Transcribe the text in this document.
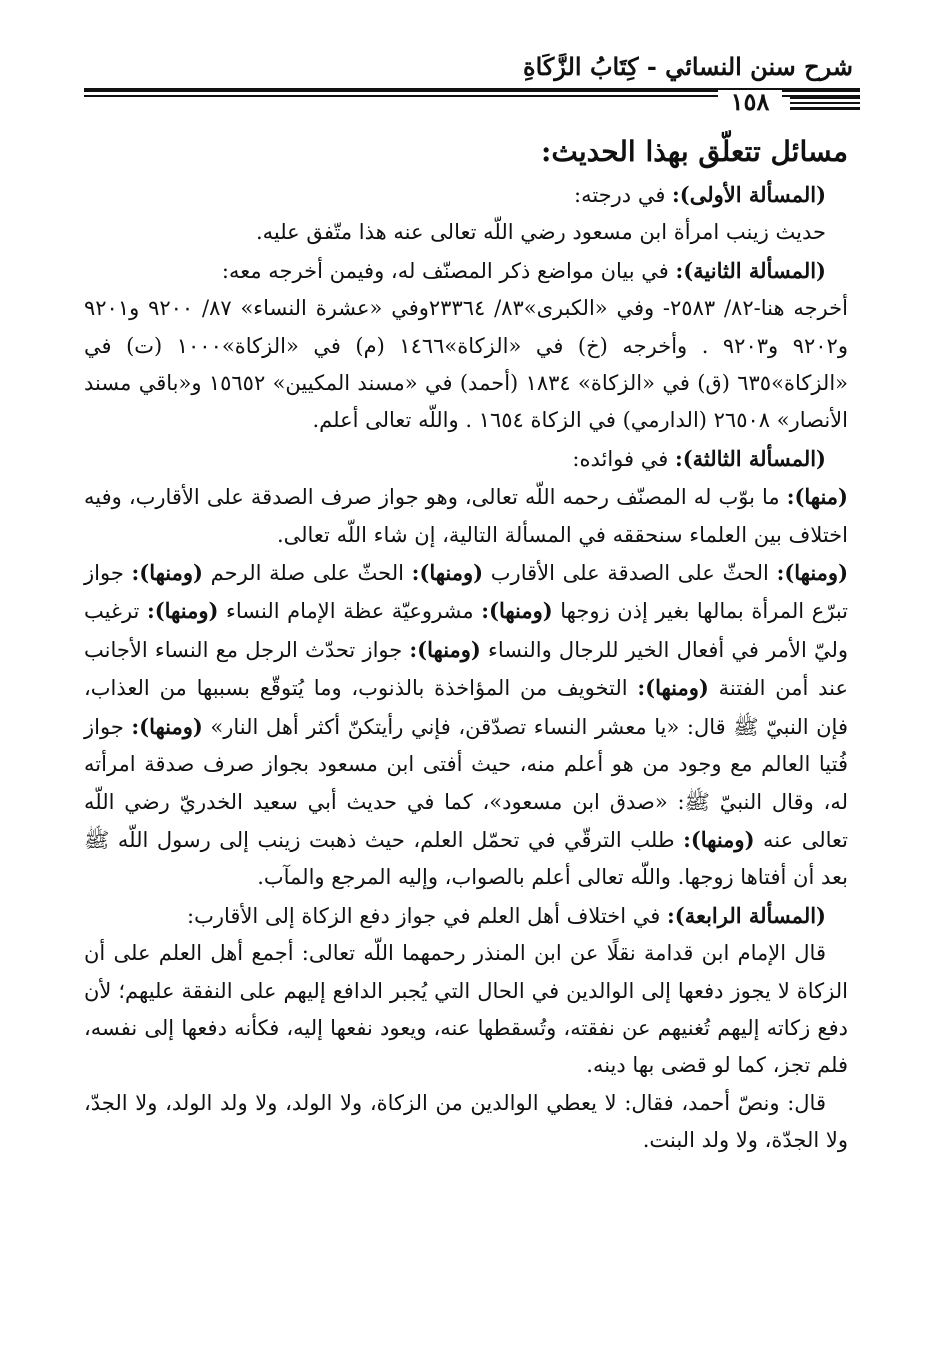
شرح سنن النسائي - كِتَابُ الزَّكَاةِ
١٥٨

مسائل تتعلّق بهذا الحديث:

(المسألة الأولى): في درجته:

حديث زينب امرأة ابن مسعود رضي اللّه تعالى عنه هذا متّفق عليه.

(المسألة الثانية): في بيان مواضع ذكر المصنّف له، وفيمن أخرجه معه:

أخرجه هنا-٨٢/ ٢٥٨٣- وفي «الكبرى»٨٣/ ٢٣٣٦٤وفي «عشرة النساء» ٨٧/ ٩٢٠٠ و٩٢٠١ و٩٢٠٢ و٩٢٠٣ . وأخرجه (خ) في «الزكاة»١٤٦٦ (م) في «الزكاة»١٠٠٠ (ت) في «الزكاة»٦٣٥ (ق) في «الزكاة» ١٨٣٤ (أحمد) في «مسند المكيين» ١٥٦٥٢ و«باقي مسند الأنصار» ٢٦٥٠٨ (الدارمي) في الزكاة ١٦٥٤ . واللّه تعالى أعلم.

(المسألة الثالثة): في فوائده:

(منها): ما بوّب له المصنّف رحمه اللّه تعالى، وهو جواز صرف الصدقة على الأقارب، وفيه اختلاف بين العلماء سنحققه في المسألة التالية، إن شاء اللّه تعالى.

(ومنها): الحثّ على الصدقة على الأقارب (ومنها): الحثّ على صلة الرحم (ومنها): جواز تبرّع المرأة بمالها بغير إذن زوجها (ومنها): مشروعيّة عظة الإمام النساء (ومنها): ترغيب وليّ الأمر في أفعال الخير للرجال والنساء (ومنها): جواز تحدّث الرجل مع النساء الأجانب عند أمن الفتنة (ومنها): التخويف من المؤاخذة بالذنوب، وما يُتوقّع بسببها من العذاب، فإن النبيّ ﷺ قال: «يا معشر النساء تصدّقن، فإني رأيتكنّ أكثر أهل النار» (ومنها): جواز فُتيا العالم مع وجود من هو أعلم منه، حيث أفتى ابن مسعود بجواز صرف صدقة امرأته له، وقال النبيّ ﷺ: «صدق ابن مسعود»، كما في حديث أبي سعيد الخدريّ رضي اللّه تعالى عنه (ومنها): طلب الترقّي في تحمّل العلم، حيث ذهبت زينب إلى رسول اللّه ﷺ بعد أن أفتاها زوجها. واللّه تعالى أعلم بالصواب، وإليه المرجع والمآب.

(المسألة الرابعة): في اختلاف أهل العلم في جواز دفع الزكاة إلى الأقارب:

قال الإمام ابن قدامة نقلًا عن ابن المنذر رحمهما اللّه تعالى: أجمع أهل العلم على أن الزكاة لا يجوز دفعها إلى الوالدين في الحال التي يُجبر الدافع إليهم على النفقة عليهم؛ لأن دفع زكاته إليهم تُغنيهم عن نفقته، وتُسقطها عنه، ويعود نفعها إليه، فكأنه دفعها إلى نفسه، فلم تجز، كما لو قضى بها دينه.

قال: ونصّ أحمد، فقال: لا يعطي الوالدين من الزكاة، ولا الولد، ولا ولد الولد، ولا الجدّ، ولا الجدّة، ولا ولد البنت.
